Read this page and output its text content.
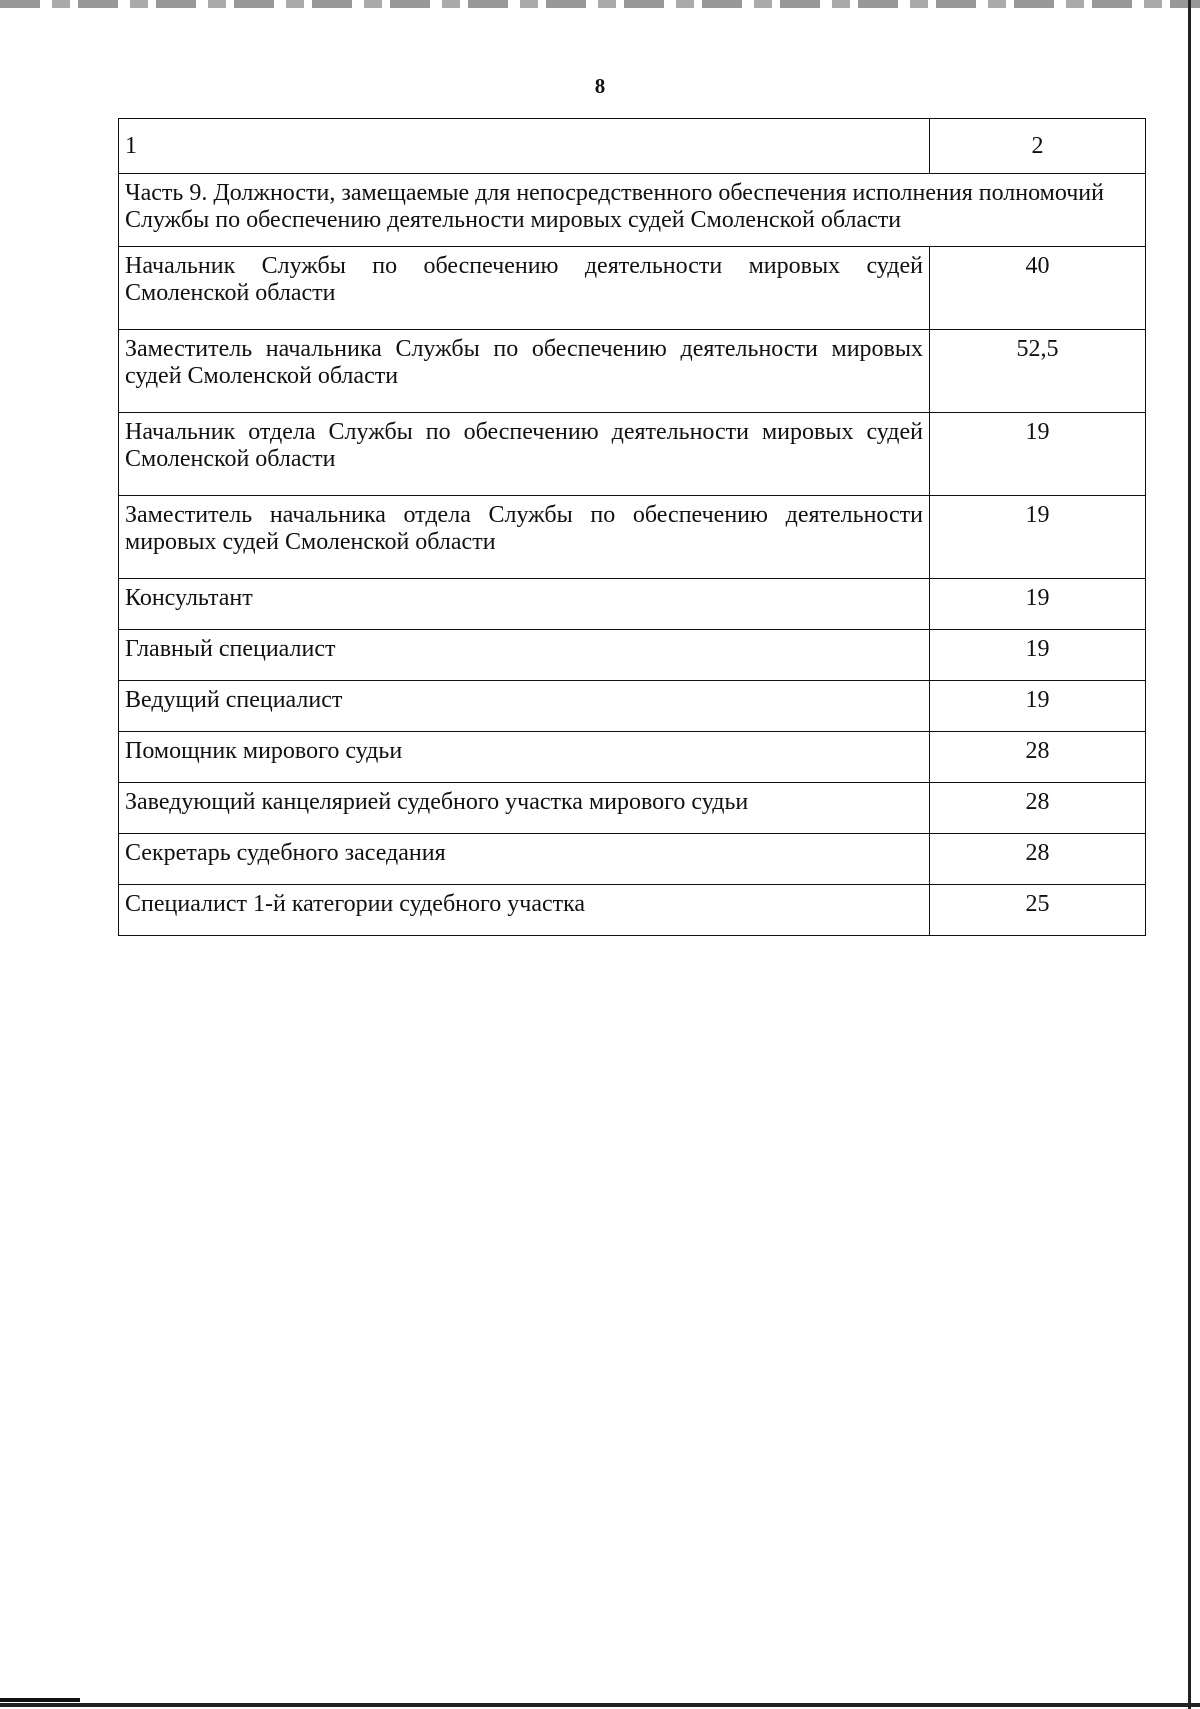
8
1	2
Часть 9. Должности, замещаемые для непосредственного обеспечения исполнения полномочий Службы по обеспечению деятельности мировых судей Смоленской области	
Начальник Службы по обеспечению деятельности мировых судей Смоленской области	40
Заместитель начальника Службы по обеспечению деятельности мировых судей Смоленской области	52,5
Начальник отдела Службы по обеспечению деятельности мировых судей Смоленской области	19
Заместитель начальника отдела Службы по обеспечению деятельности мировых судей Смоленской области	19
Консультант	19
Главный специалист	19
Ведущий специалист	19
Помощник мирового судьи	28
Заведующий канцелярией судебного участка мирового судьи	28
Секретарь судебного заседания	28
Специалист 1-й категории судебного участка	25
